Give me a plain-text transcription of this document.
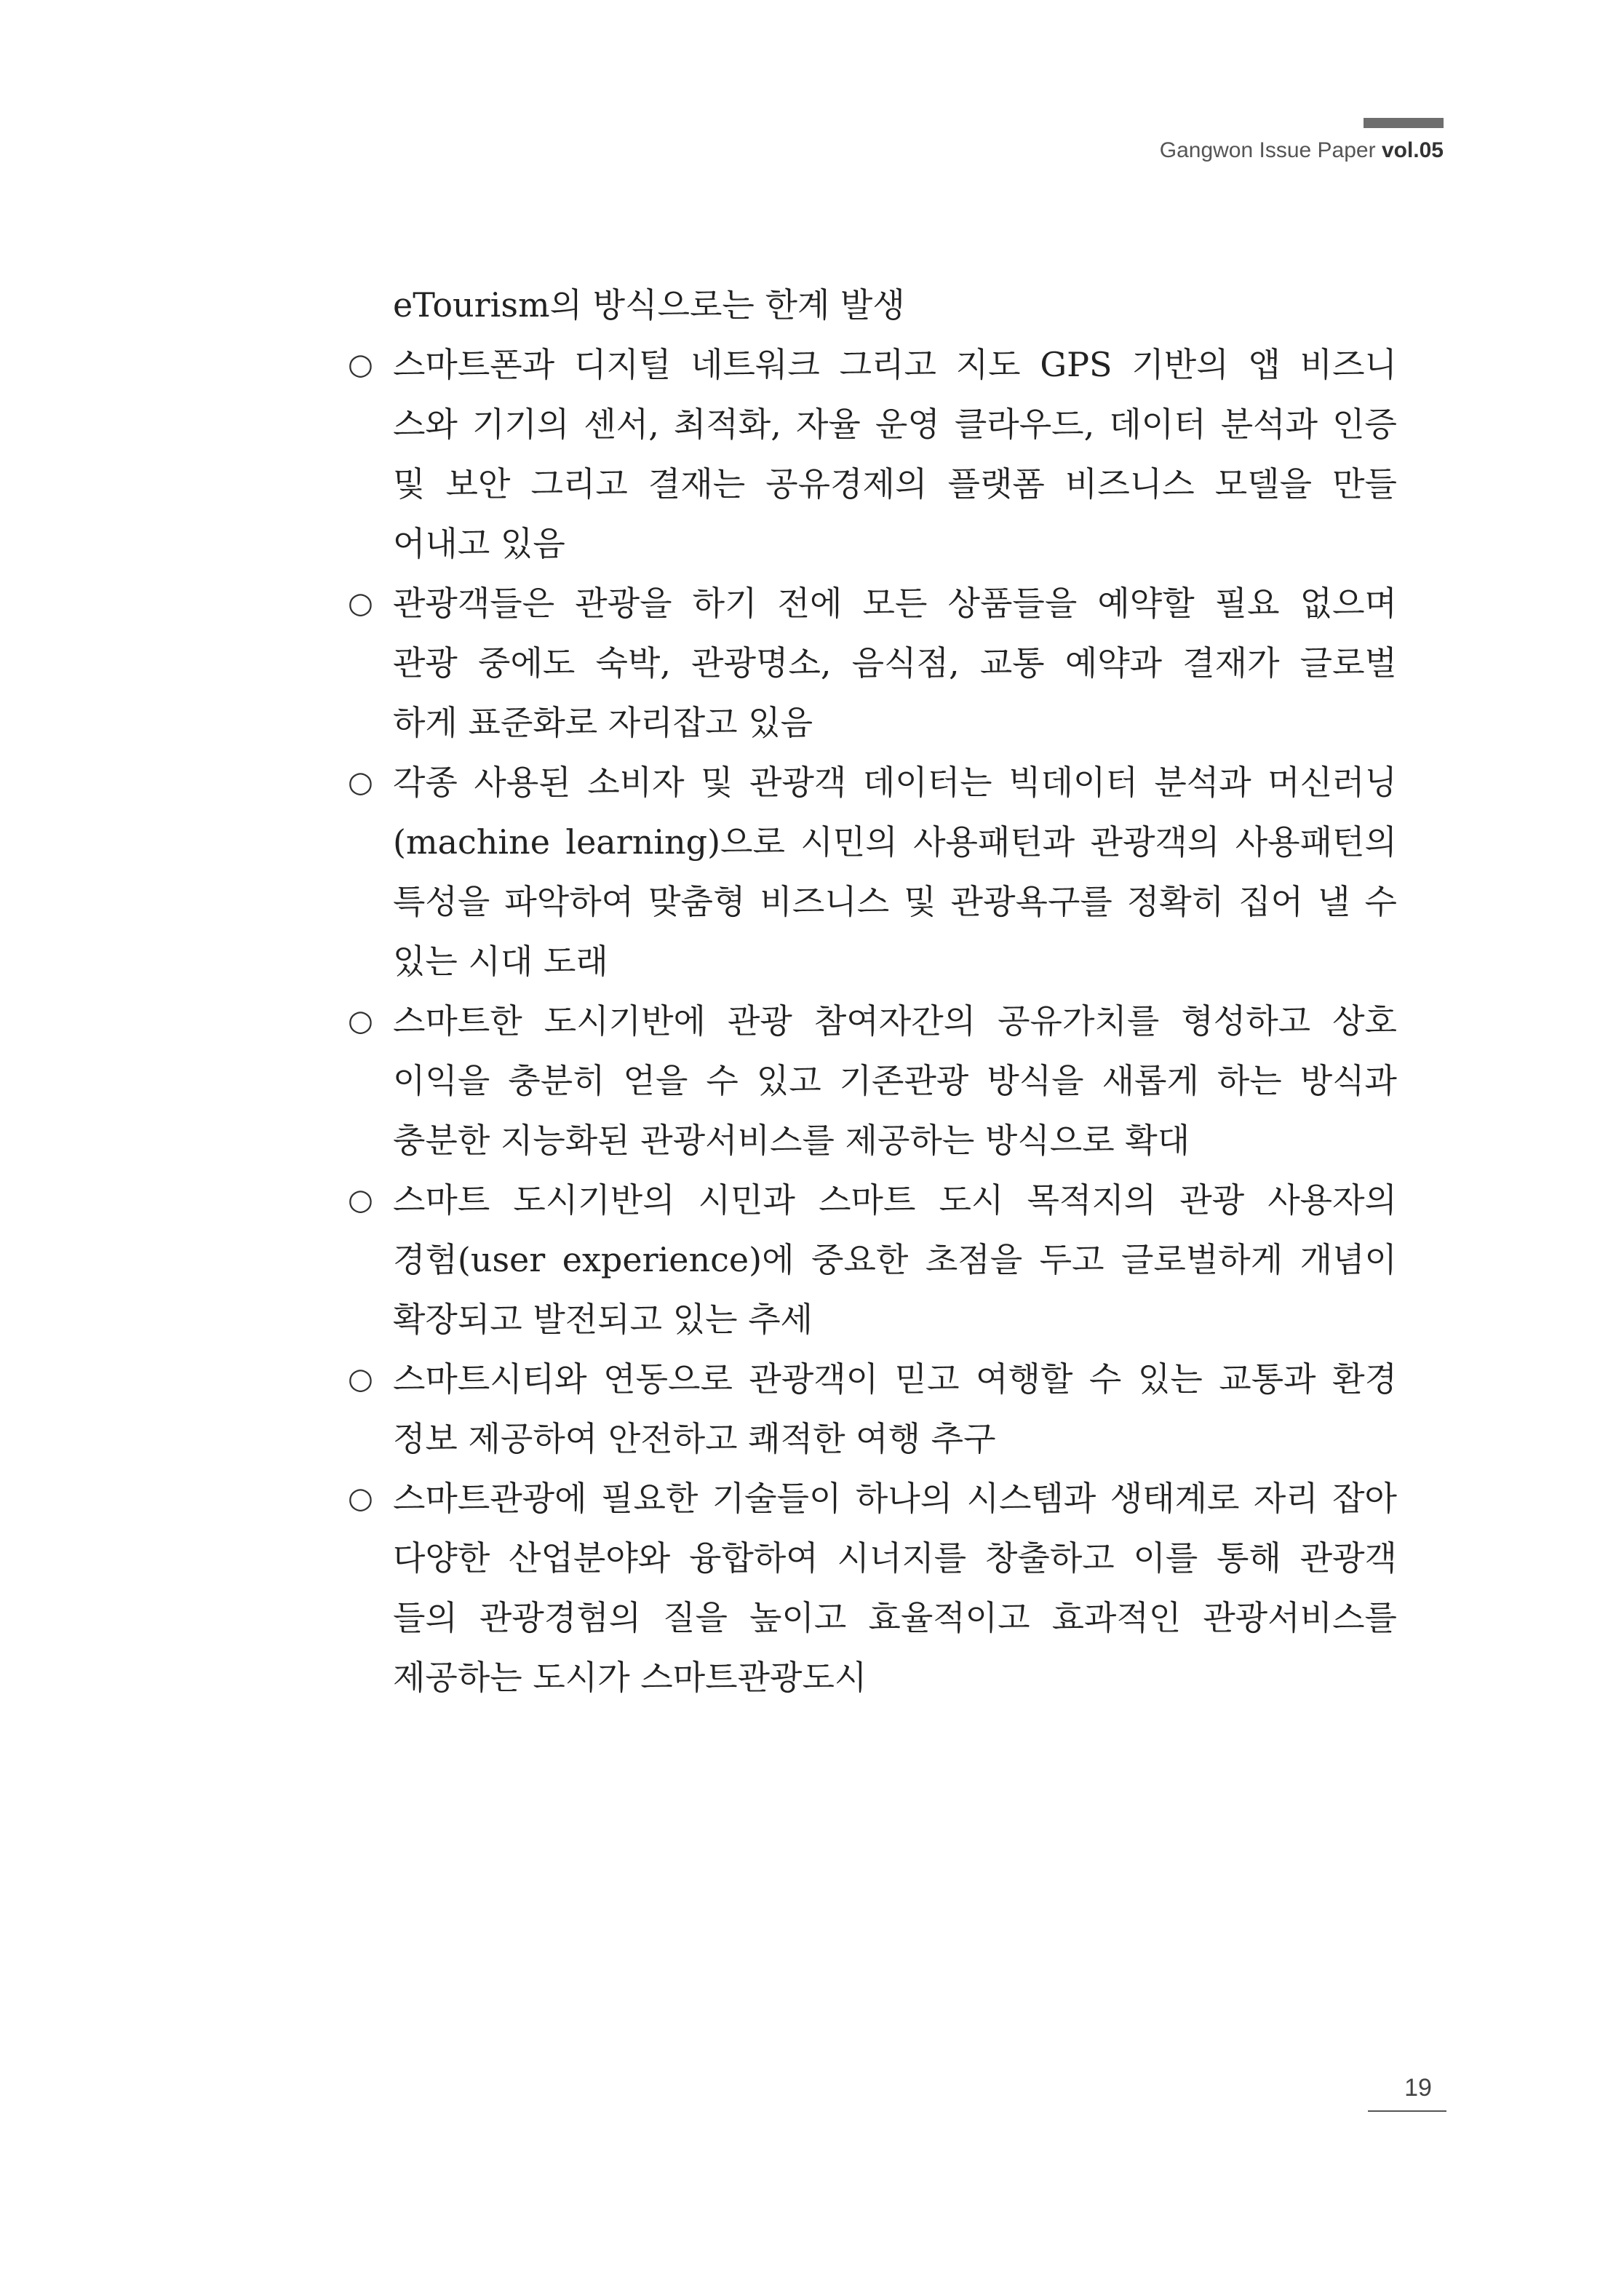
Gangwon Issue Paper vol.05
eTourism의 방식으로는 한계 발생
○ 스마트폰과 디지털 네트워크 그리고 지도 GPS 기반의 앱 비즈니
스와 기기의 센서, 최적화, 자율 운영 클라우드, 데이터 분석과 인증
및 보안 그리고 결재는 공유경제의 플랫폼 비즈니스 모델을 만들
어내고 있음
○ 관광객들은 관광을 하기 전에 모든 상품들을 예약할 필요 없으며
관광 중에도 숙박, 관광명소, 음식점, 교통 예약과 결재가 글로벌
하게 표준화로 자리잡고 있음
○ 각종 사용된 소비자 및 관광객 데이터는 빅데이터 분석과 머신러닝
(machine learning)으로 시민의 사용패턴과 관광객의 사용패턴의
특성을 파악하여 맞춤형 비즈니스 및 관광욕구를 정확히 집어 낼 수
있는 시대 도래
○ 스마트한 도시기반에 관광 참여자간의 공유가치를 형성하고 상호
이익을 충분히 얻을 수 있고 기존관광 방식을 새롭게 하는 방식과
충분한 지능화된 관광서비스를 제공하는 방식으로 확대
○ 스마트 도시기반의 시민과 스마트 도시 목적지의 관광 사용자의
경험(user experience)에 중요한 초점을 두고 글로벌하게 개념이
확장되고 발전되고 있는 추세
○ 스마트시티와 연동으로 관광객이 믿고 여행할 수 있는 교통과 환경
정보 제공하여 안전하고 쾌적한 여행 추구
○ 스마트관광에 필요한 기술들이 하나의 시스템과 생태계로 자리 잡아
다양한 산업분야와 융합하여 시너지를 창출하고 이를 통해 관광객
들의 관광경험의 질을 높이고 효율적이고 효과적인 관광서비스를
제공하는 도시가 스마트관광도시
19
